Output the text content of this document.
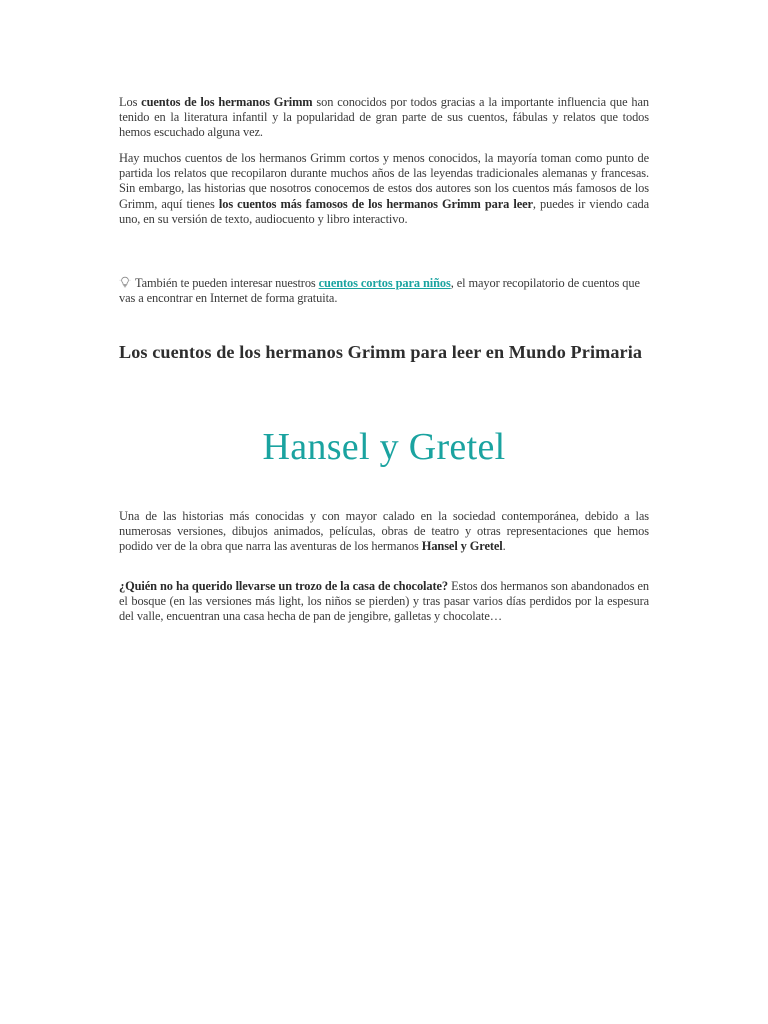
Los cuentos de los hermanos Grimm son conocidos por todos gracias a la importante influencia que han tenido en la literatura infantil y la popularidad de gran parte de sus cuentos, fábulas y relatos que todos hemos escuchado alguna vez.

Hay muchos cuentos de los hermanos Grimm cortos y menos conocidos, la mayoría toman como punto de partida los relatos que recopilaron durante muchos años de las leyendas tradicionales alemanas y francesas. Sin embargo, las historias que nosotros conocemos de estos dos autores son los cuentos más famosos de los Grimm, aquí tienes los cuentos más famosos de los hermanos Grimm para leer, puedes ir viendo cada uno, en su versión de texto, audiocuento y libro interactivo.

También te pueden interesar nuestros cuentos cortos para niños, el mayor recopilatorio de cuentos que vas a encontrar en Internet de forma gratuita.

Los cuentos de los hermanos Grimm para leer en Mundo Primaria
Hansel y Gretel

Una de las historias más conocidas y con mayor calado en la sociedad contemporánea, debido a las numerosas versiones, dibujos animados, películas, obras de teatro y otras representaciones que hemos podido ver de la obra que narra las aventuras de los hermanos Hansel y Gretel.

¿Quién no ha querido llevarse un trozo de la casa de chocolate? Estos dos hermanos son abandonados en el bosque (en las versiones más light, los niños se pierden) y tras pasar varios días perdidos por la espesura del valle, encuentran una casa hecha de pan de jengibre, galletas y chocolate…
